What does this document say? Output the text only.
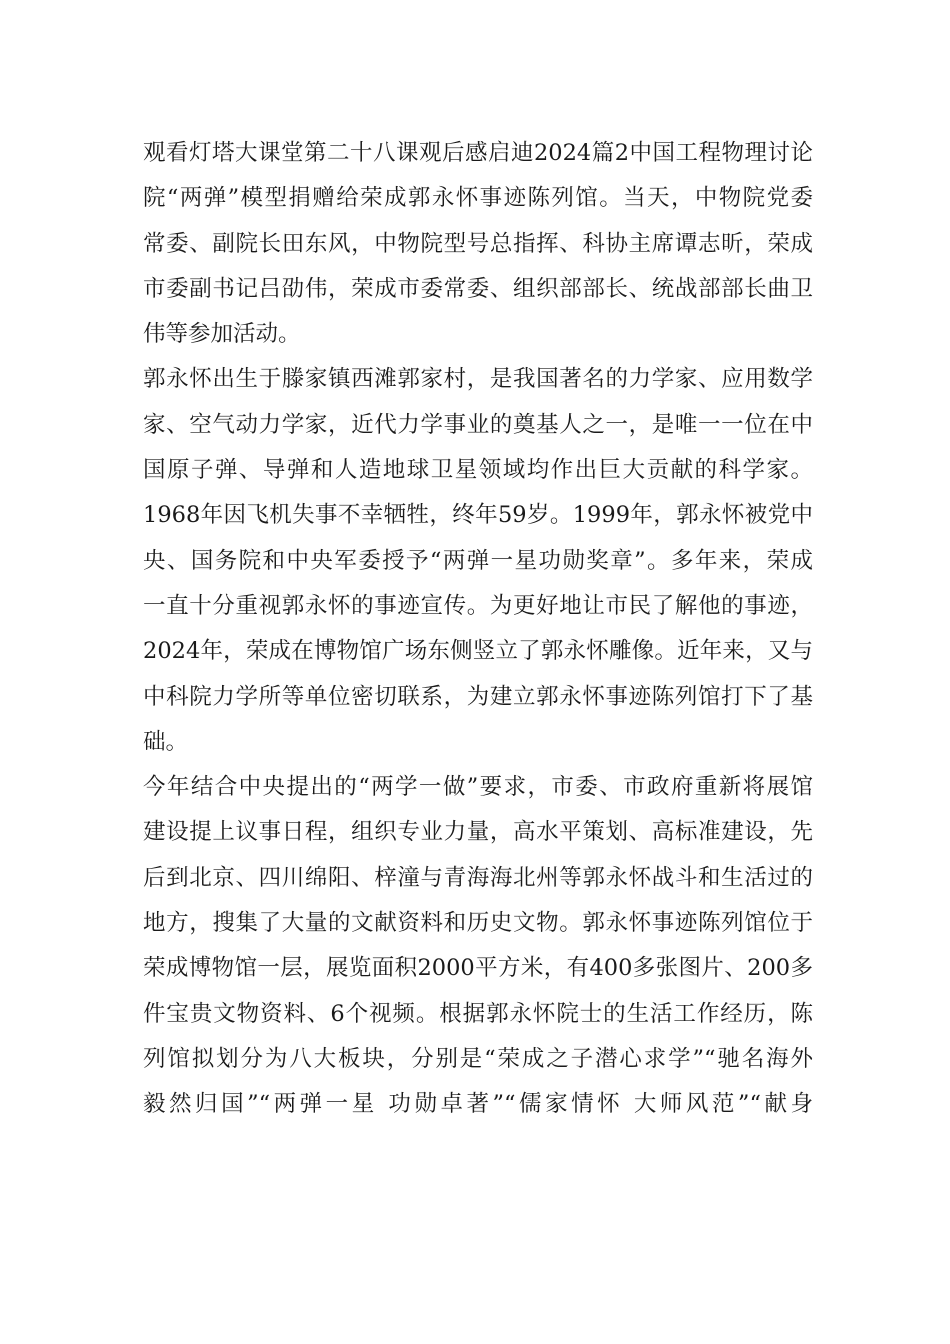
观看灯塔大课堂第二十八课观后感启迪2024篇2中国工程物理讨论
院“两弹”模型捐赠给荣成郭永怀事迹陈列馆。当天，中物院党委
常委、副院长田东风，中物院型号总指挥、科协主席谭志昕，荣成
市委副书记吕劭伟，荣成市委常委、组织部部长、统战部部长曲卫
伟等参加活动。
郭永怀出生于滕家镇西滩郭家村，是我国著名的力学家、应用数学
家、空气动力学家，近代力学事业的奠基人之一，是唯一一位在中
国原子弹、导弹和人造地球卫星领域均作出巨大贡献的科学家。
1968年因飞机失事不幸牺牲，终年59岁。1999年，郭永怀被党中
央、国务院和中央军委授予“两弹一星功勋奖章”。多年来，荣成
一直十分重视郭永怀的事迹宣传。为更好地让市民了解他的事迹，
2024年，荣成在博物馆广场东侧竖立了郭永怀雕像。近年来，又与
中科院力学所等单位密切联系，为建立郭永怀事迹陈列馆打下了基
础。
今年结合中央提出的“两学一做”要求，市委、市政府重新将展馆
建设提上议事日程，组织专业力量，高水平策划、高标准建设，先
后到北京、四川绵阳、梓潼与青海海北州等郭永怀战斗和生活过的
地方，搜集了大量的文献资料和历史文物。郭永怀事迹陈列馆位于
荣成博物馆一层，展览面积2000平方米，有400多张图片、200多
件宝贵文物资料、6个视频。根据郭永怀院士的生活工作经历，陈
列馆拟划分为八大板块，分别是“荣成之子潜心求学”“驰名海外
毅然归国”“两弹一星 功勋卓著”“儒家情怀 大师风范”“献身
